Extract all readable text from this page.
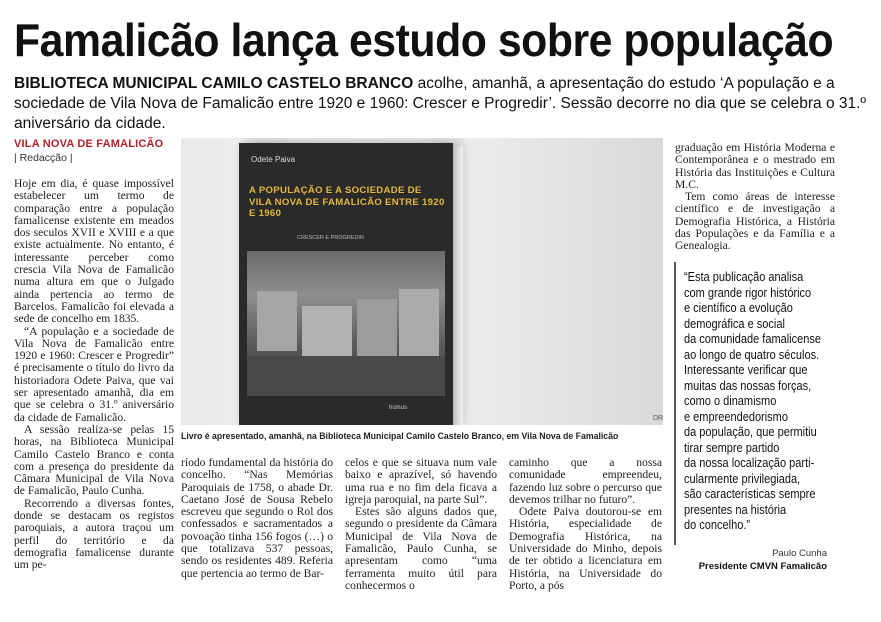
Famalicão lança estudo sobre população

BIBLIOTECA MUNICIPAL CAMILO CASTELO BRANCO acolhe, amanhã, a apresentação do estudo ‘A população e a sociedade de Vila Nova de Famalicão entre 1920 e 1960: Crescer e Progredir’. Sessão decorre no dia que se celebra o 31.º aniversário da cidade.

VILA NOVA DE FAMALICÃO
| Redacção |

Hoje em dia, é quase impossível estabelecer um termo de comparação entre a população famalicense existente em meados dos seculos XVII e XVIII e a que existe actualmente. No entanto, é interessante perceber como crescia Vila Nova de Famalicão numa altura em que o Julgado ainda pertencia ao termo de Barcelos. Famalicão foi elevada a sede de concelho em 1835.

“A população e a sociedade de Vila Nova de Famalicão entre 1920 e 1960: Crescer e Progredir” é precisamente o título do livro da historiadora Odete Paiva, que vai ser apresentado amanhã, dia em que se celebra o 31.º aniversário da cidade de Famalicão.

A sessão realiza-se pelas 15 horas, na Biblioteca Municipal Camilo Castelo Branco e conta com a presença do presidente da Câmara Municipal de Vila Nova de Famalicão, Paulo Cunha.

Recorrendo a diversas fontes, donde se destacam os registos paroquiais, a autora traçou um perfil do território e da demografia famalicense durante um pe-

ríodo fundamental da história do concelho. “Nas Memórias Paroquiais de 1758, o abade Dr. Caetano José de Sousa Rebelo escreveu que segundo o Rol dos confessados e sacramentados a povoação tinha 156 fogos (…) o que totalizava 537 pessoas, sendo os residentes 489. Referia que pertencia ao termo de Bar-

celos e que se situava num vale baixo e aprazível, só havendo uma rua e no fim dela ficava a igreja paroquial, na parte Sul”.

Estes são alguns dados que, segundo o presidente da Câmara Municipal de Vila Nova de Famalicão, Paulo Cunha, se apresentam como “uma ferramenta muito útil para conhecermos o

caminho que a nossa comunidade empreendeu, fazendo luz sobre o percurso que devemos trilhar no futuro”.

Odete Paiva doutorou-se em História, especialidade de Demografia Histórica, na Universidade do Minho, depois de ter obtido a licenciatura em História, na Universidade do Porto, a pós

graduação em História Moderna e Contemporânea e o mestrado em História das Instituições e Cultura M.C.

Tem como áreas de interesse científico e de investigação a Demografia Histórica, a História das Populações e da Família e a Genealogia.

Odete Paiva
A POPULAÇÃO E A SOCIEDADE DE VILA NOVA DE FAMALICÃO ENTRE 1920 E 1960
CRESCER E PROGREDIR
húmus
DR
Livro é apresentado, amanhã, na Biblioteca Municipal Camilo Castelo Branco, em Vila Nova de Famalicão
“Esta publicação analisa
com grande rigor histórico
e científico a evolução
demográfica e social
da comunidade famalicense
ao longo de quatro séculos.
Interessante verificar que
muitas das nossas forças,
como o dinamismo
e empreendedorismo
da população, que permitiu
tirar sempre partido
da nossa localização parti-
cularmente privilegiada,
são características sempre
presentes na história
do concelho.”
Paulo Cunha
Presidente CMVN Famalicão
